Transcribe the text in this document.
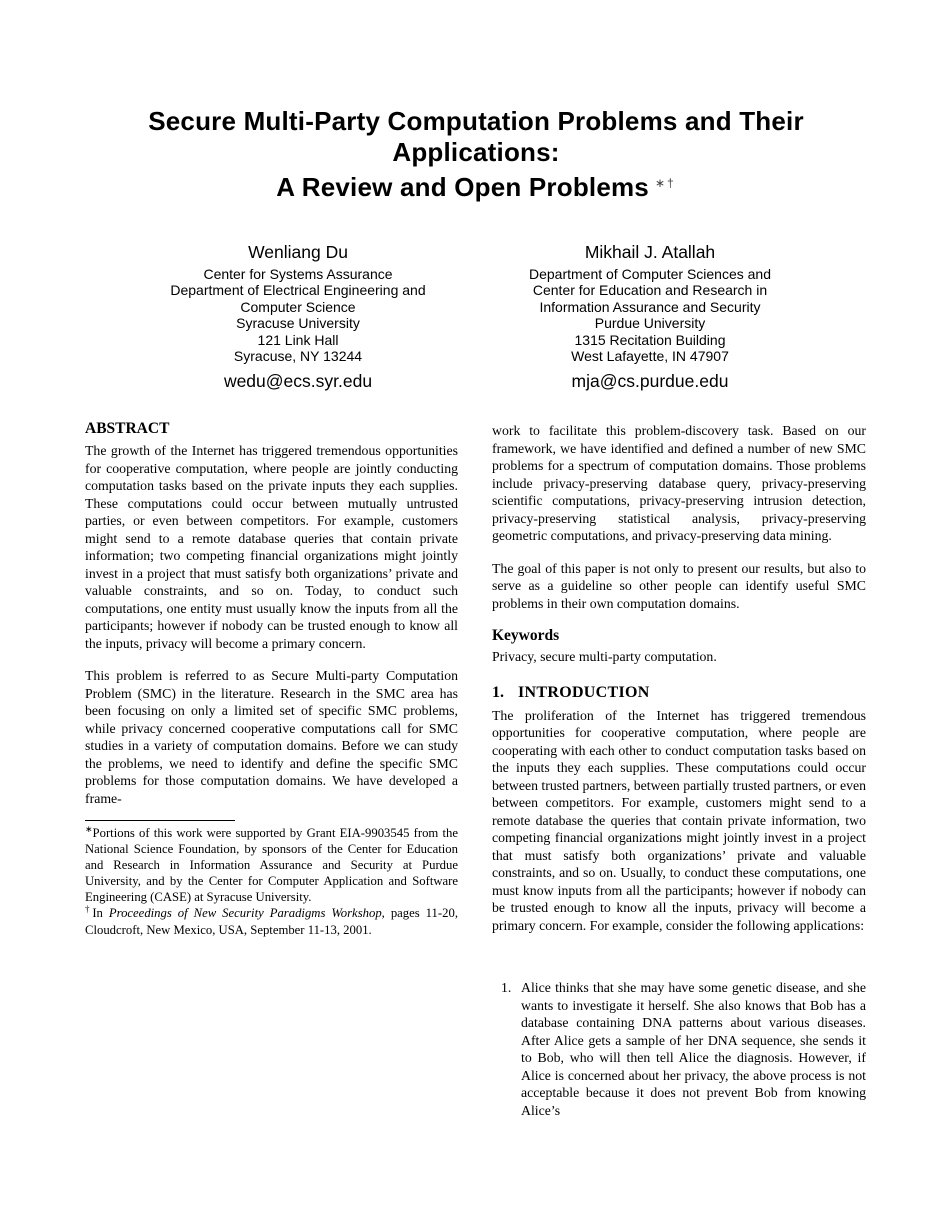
Secure Multi-Party Computation Problems and Their
Applications:
A Review and Open Problems ∗†
Wenliang Du
Center for Systems Assurance
Department of Electrical Engineering and
Computer Science
Syracuse University
121 Link Hall
Syracuse, NY 13244
wedu@ecs.syr.edu
Mikhail J. Atallah
Department of Computer Sciences and
Center for Education and Research in
Information Assurance and Security
Purdue University
1315 Recitation Building
West Lafayette, IN 47907
mja@cs.purdue.edu
ABSTRACT

The growth of the Internet has triggered tremendous opportunities for cooperative computation, where people are jointly conducting computation tasks based on the private inputs they each supplies. These computations could occur between mutually untrusted parties, or even between competitors. For example, customers might send to a remote database queries that contain private information; two competing financial organizations might jointly invest in a project that must satisfy both organizations’ private and valuable constraints, and so on. Today, to conduct such computations, one entity must usually know the inputs from all the participants; however if nobody can be trusted enough to know all the inputs, privacy will become a primary concern.

This problem is referred to as Secure Multi-party Computation Problem (SMC) in the literature. Research in the SMC area has been focusing on only a limited set of specific SMC problems, while privacy concerned cooperative computations call for SMC studies in a variety of computation domains. Before we can study the problems, we need to identify and define the specific SMC problems for those computation domains. We have developed a frame-

∗Portions of this work were supported by Grant EIA-9903545 from the National Science Foundation, by sponsors of the Center for Education and Research in Information Assurance and Security at Purdue University, and by the Center for Computer Application and Software Engineering (CASE) at Syracuse University.
†In Proceedings of New Security Paradigms Workshop, pages 11-20, Cloudcroft, New Mexico, USA, September 11-13, 2001.

work to facilitate this problem-discovery task. Based on our framework, we have identified and defined a number of new SMC problems for a spectrum of computation domains. Those problems include privacy-preserving database query, privacy-preserving scientific computations, privacy-preserving intrusion detection, privacy-preserving statistical analysis, privacy-preserving geometric computations, and privacy-preserving data mining.

The goal of this paper is not only to present our results, but also to serve as a guideline so other people can identify useful SMC problems in their own computation domains.

Keywords

Privacy, secure multi-party computation.

1. INTRODUCTION

The proliferation of the Internet has triggered tremendous opportunities for cooperative computation, where people are cooperating with each other to conduct computation tasks based on the inputs they each supplies. These computations could occur between trusted partners, between partially trusted partners, or even between competitors. For example, customers might send to a remote database the queries that contain private information, two competing financial organizations might jointly invest in a project that must satisfy both organizations’ private and valuable constraints, and so on. Usually, to conduct these computations, one must know inputs from all the participants; however if nobody can be trusted enough to know all the inputs, privacy will become a primary concern. For example, consider the following applications:

1. Alice thinks that she may have some genetic disease, and she wants to investigate it herself. She also knows that Bob has a database containing DNA patterns about various diseases. After Alice gets a sample of her DNA sequence, she sends it to Bob, who will then tell Alice the diagnosis. However, if Alice is concerned about her privacy, the above process is not acceptable because it does not prevent Bob from knowing Alice’s
